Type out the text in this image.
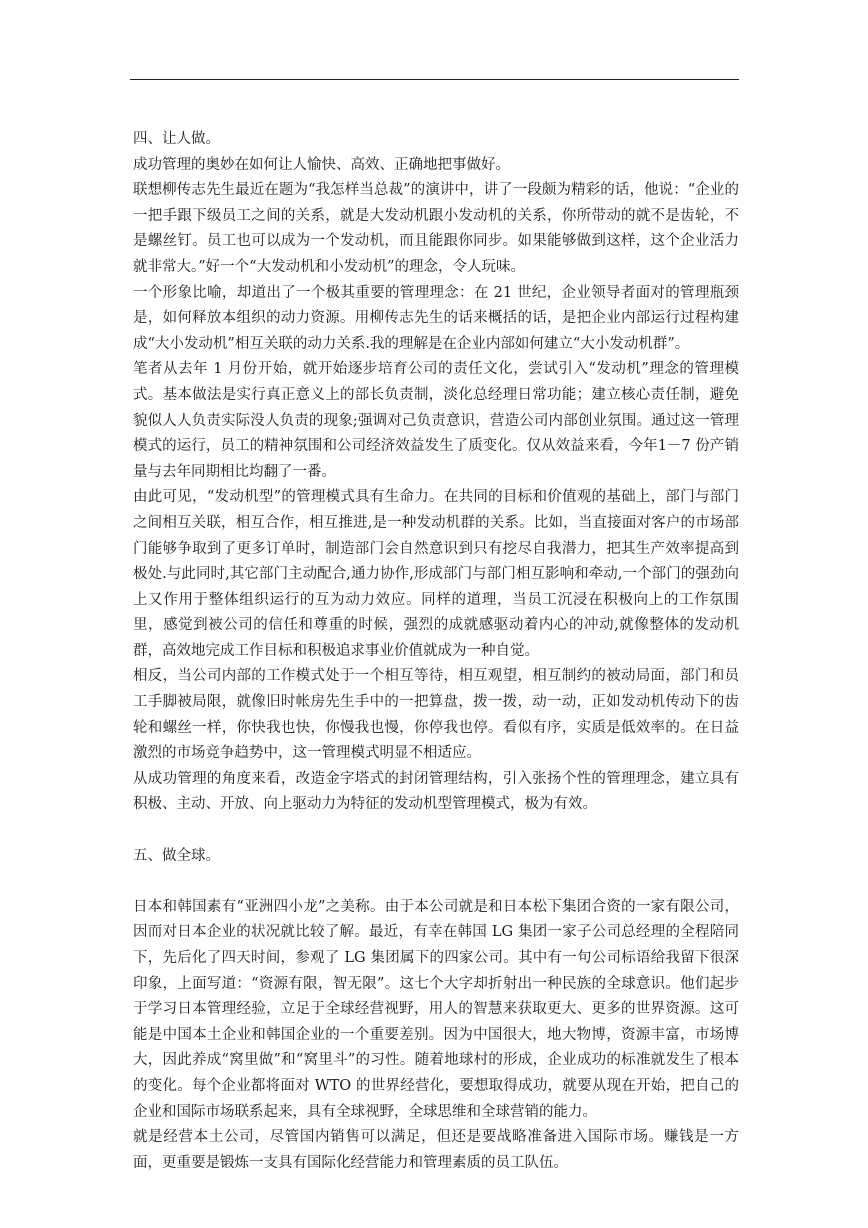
四、让人做。

成功管理的奥妙在如何让人愉快、高效、正确地把事做好。

联想柳传志先生最近在题为“我怎样当总裁”的演讲中，讲了一段颇为精彩的话，他说：“企业的一把手跟下级员工之间的关系，就是大发动机跟小发动机的关系，你所带动的就不是齿轮，不是螺丝钉。员工也可以成为一个发动机，而且能跟你同步。如果能够做到这样，这个企业活力就非常大。”好一个“大发动机和小发动机”的理念，令人玩味。

一个形象比喻，却道出了一个极其重要的管理理念：在 21 世纪，企业领导者面对的管理瓶颈是，如何释放本组织的动力资源。用柳传志先生的话来概括的话，是把企业内部运行过程构建成“大小发动机”相互关联的动力关系.我的理解是在企业内部如何建立“大小发动机群”。

笔者从去年 1 月份开始，就开始逐步培育公司的责任文化，尝试引入“发动机”理念的管理模式。基本做法是实行真正意义上的部长负责制，淡化总经理日常功能；建立核心责任制，避免貌似人人负责实际没人负责的现象;强调对己负责意识，营造公司内部创业氛围。通过这一管理模式的运行，员工的精神氛围和公司经济效益发生了质变化。仅从效益来看，今年1－7 份产销量与去年同期相比均翻了一番。

由此可见，“发动机型”的管理模式具有生命力。在共同的目标和价值观的基础上，部门与部门之间相互关联，相互合作，相互推进,是一种发动机群的关系。比如，当直接面对客户的市场部门能够争取到了更多订单时，制造部门会自然意识到只有挖尽自我潜力，把其生产效率提高到极处.与此同时,其它部门主动配合,通力协作,形成部门与部门相互影响和牵动,一个部门的强劲向上又作用于整体组织运行的互为动力效应。同样的道理，当员工沉浸在积极向上的工作氛围里，感觉到被公司的信任和尊重的时候，强烈的成就感驱动着内心的冲动,就像整体的发动机群，高效地完成工作目标和积极追求事业价值就成为一种自觉。

相反，当公司内部的工作模式处于一个相互等待，相互观望，相互制约的被动局面，部门和员工手脚被局限，就像旧时帐房先生手中的一把算盘，拨一拨，动一动，正如发动机传动下的齿轮和螺丝一样，你快我也快，你慢我也慢，你停我也停。看似有序，实质是低效率的。在日益激烈的市场竞争趋势中，这一管理模式明显不相适应。

从成功管理的角度来看，改造金字塔式的封闭管理结构，引入张扬个性的管理理念，建立具有积极、主动、开放、向上驱动力为特征的发动机型管理模式，极为有效。

五、做全球。

日本和韩国素有“亚洲四小龙”之美称。由于本公司就是和日本松下集团合资的一家有限公司，因而对日本企业的状况就比较了解。最近，有幸在韩国 LG 集团一家子公司总经理的全程陪同下，先后化了四天时间，参观了 LG 集团属下的四家公司。其中有一句公司标语给我留下很深印象，上面写道：“资源有限，智无限”。这七个大字却折射出一种民族的全球意识。他们起步于学习日本管理经验，立足于全球经营视野，用人的智慧来获取更大、更多的世界资源。这可能是中国本土企业和韩国企业的一个重要差别。因为中国很大，地大物博，资源丰富，市场博大，因此养成“窝里做”和“窝里斗”的习性。随着地球村的形成，企业成功的标准就发生了根本的变化。每个企业都将面对 WTO 的世界经营化，要想取得成功，就要从现在开始，把自己的企业和国际市场联系起来，具有全球视野，全球思维和全球营销的能力。

就是经营本土公司，尽管国内销售可以满足，但还是要战略准备进入国际市场。赚钱是一方面，更重要是锻炼一支具有国际化经营能力和管理素质的员工队伍。
